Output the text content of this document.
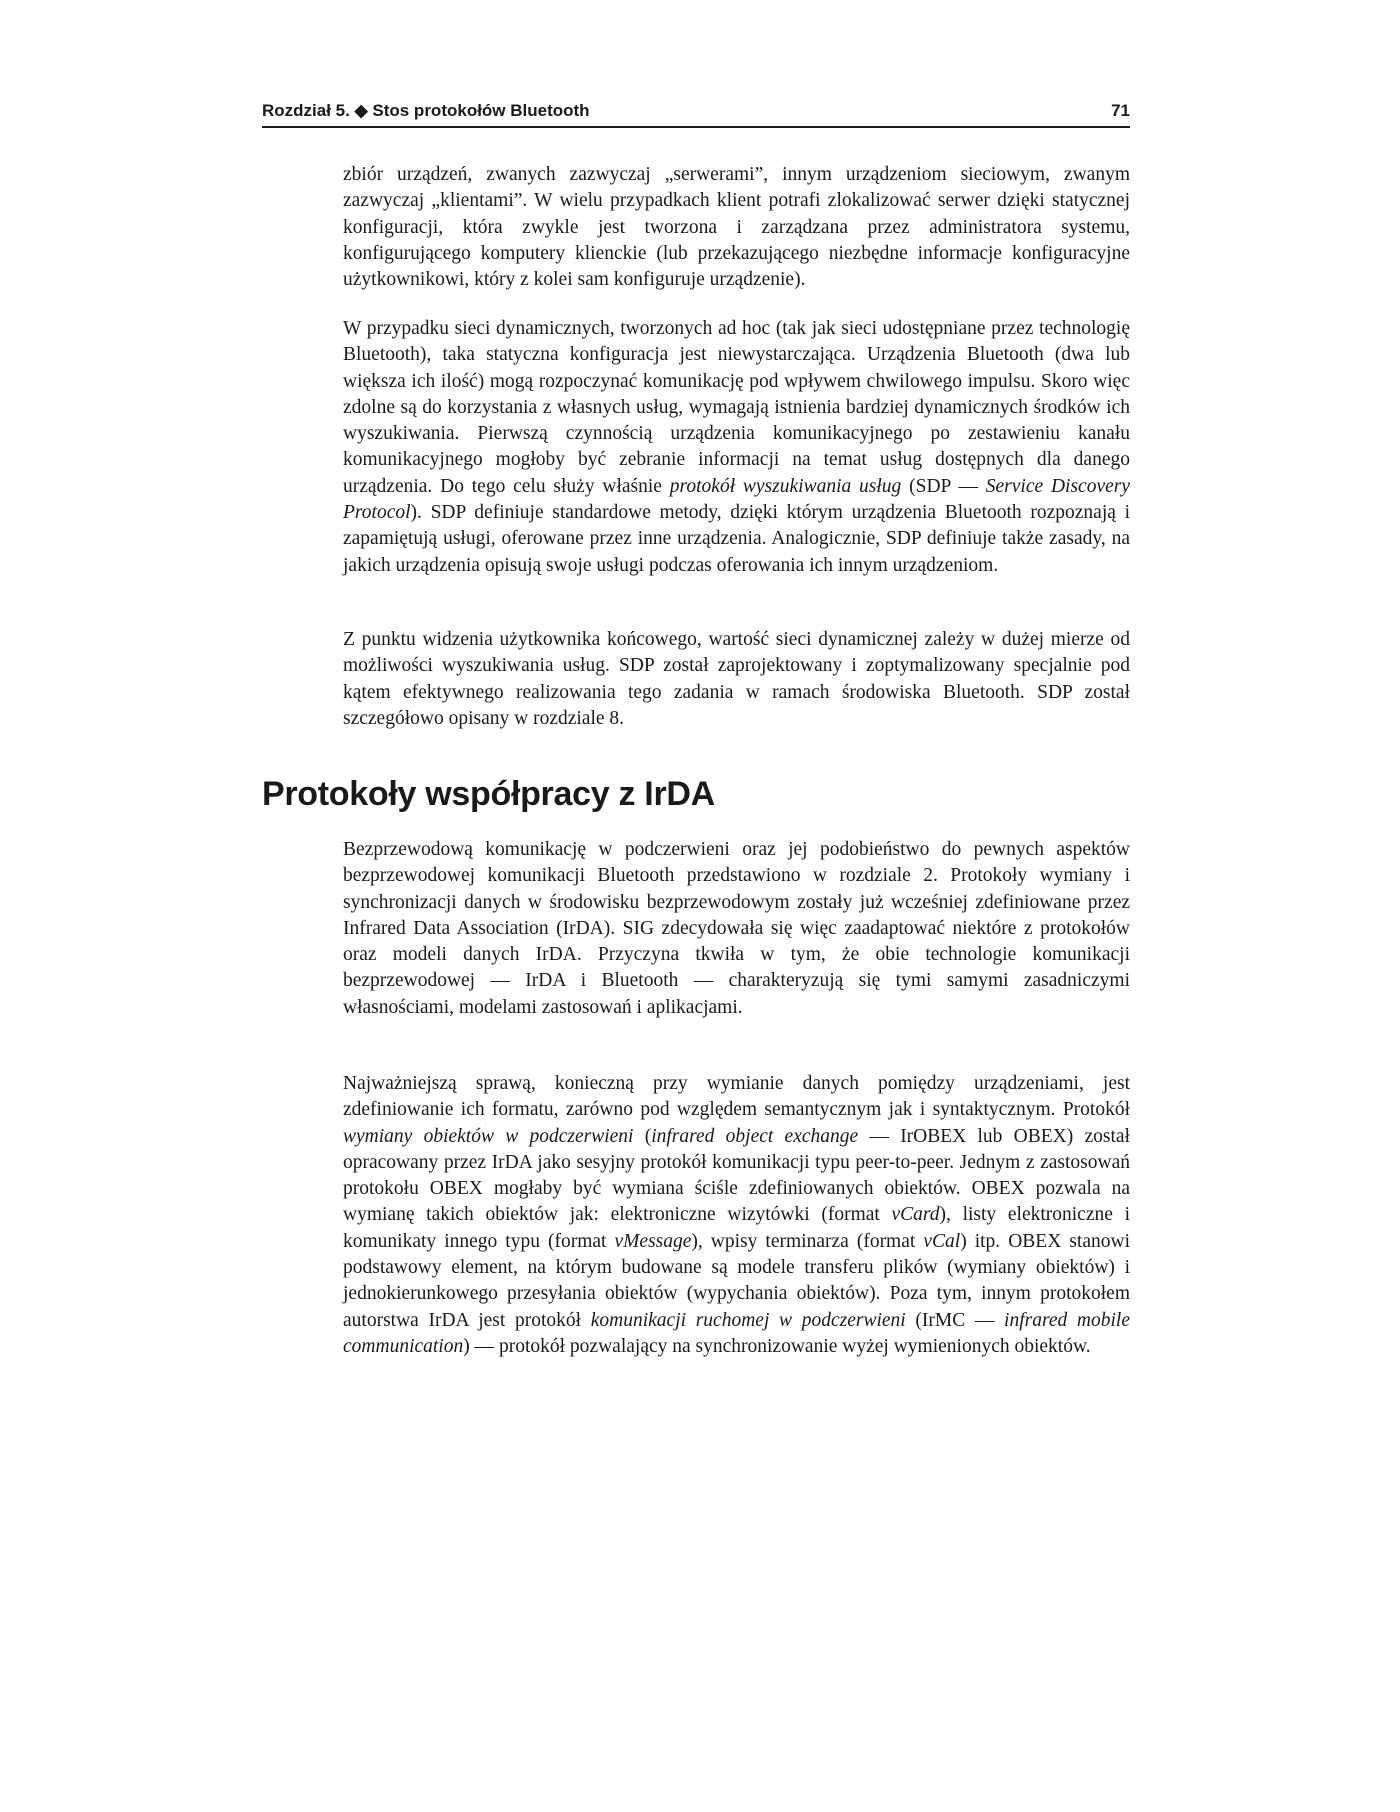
Rozdział 5. ◆ Stos protokołów Bluetooth	71

zbiór urządzeń, zwanych zazwyczaj „serwerami”, innym urządzeniom sieciowym, zwanym zazwyczaj „klientami”. W wielu przypadkach klient potrafi zlokalizować serwer dzięki statycznej konfiguracji, która zwykle jest tworzona i zarządzana przez administratora systemu, konfigurującego komputery klienckie (lub przekazującego niezbędne informacje konfiguracyjne użytkownikowi, który z kolei sam konfiguruje urządzenie).

W przypadku sieci dynamicznych, tworzonych ad hoc (tak jak sieci udostępniane przez technologię Bluetooth), taka statyczna konfiguracja jest niewystarczająca. Urządzenia Bluetooth (dwa lub większa ich ilość) mogą rozpoczynać komunikację pod wpływem chwilowego impulsu. Skoro więc zdolne są do korzystania z własnych usług, wymagają istnienia bardziej dynamicznych środków ich wyszukiwania. Pierwszą czynnością urządzenia komunikacyjnego po zestawieniu kanału komunikacyjnego mogłoby być zebranie informacji na temat usług dostępnych dla danego urządzenia. Do tego celu służy właśnie protokół wyszukiwania usług (SDP — Service Discovery Protocol). SDP definiuje standardowe metody, dzięki którym urządzenia Bluetooth rozpoznają i zapamiętują usługi, oferowane przez inne urządzenia. Analogicznie, SDP definiuje także zasady, na jakich urządzenia opisują swoje usługi podczas oferowania ich innym urządzeniom.

Z punktu widzenia użytkownika końcowego, wartość sieci dynamicznej zależy w dużej mierze od możliwości wyszukiwania usług. SDP został zaprojektowany i zoptymalizowany specjalnie pod kątem efektywnego realizowania tego zadania w ramach środowiska Bluetooth. SDP został szczegółowo opisany w rozdziale 8.

Protokoły współpracy z IrDA

Bezprzewodową komunikację w podczerwieni oraz jej podobieństwo do pewnych aspektów bezprzewodowej komunikacji Bluetooth przedstawiono w rozdziale 2. Protokoły wymiany i synchronizacji danych w środowisku bezprzewodowym zostały już wcześniej zdefiniowane przez Infrared Data Association (IrDA). SIG zdecydowała się więc zaadaptować niektóre z protokołów oraz modeli danych IrDA. Przyczyna tkwiła w tym, że obie technologie komunikacji bezprzewodowej — IrDA i Bluetooth — charakteryzują się tymi samymi zasadniczymi własnościami, modelami zastosowań i aplikacjami.

Najważniejszą sprawą, konieczną przy wymianie danych pomiędzy urządzeniami, jest zdefiniowanie ich formatu, zarówno pod względem semantycznym jak i syntaktycznym. Protokół wymiany obiektów w podczerwieni (infrared object exchange — IrOBEX lub OBEX) został opracowany przez IrDA jako sesyjny protokół komunikacji typu peer-to-peer. Jednym z zastosowań protokołu OBEX mogłaby być wymiana ściśle zdefiniowanych obiektów. OBEX pozwala na wymianę takich obiektów jak: elektroniczne wizytówki (format vCard), listy elektroniczne i komunikaty innego typu (format vMessage), wpisy terminarza (format vCal) itp. OBEX stanowi podstawowy element, na którym budowane są modele transferu plików (wymiany obiektów) i jednokierunkowego przesyłania obiektów (wypychania obiektów). Poza tym, innym protokołem autorstwa IrDA jest protokół komunikacji ruchomej w podczerwieni (IrMC — infrared mobile communication) — protokół pozwalający na synchronizowanie wyżej wymienionych obiektów.
